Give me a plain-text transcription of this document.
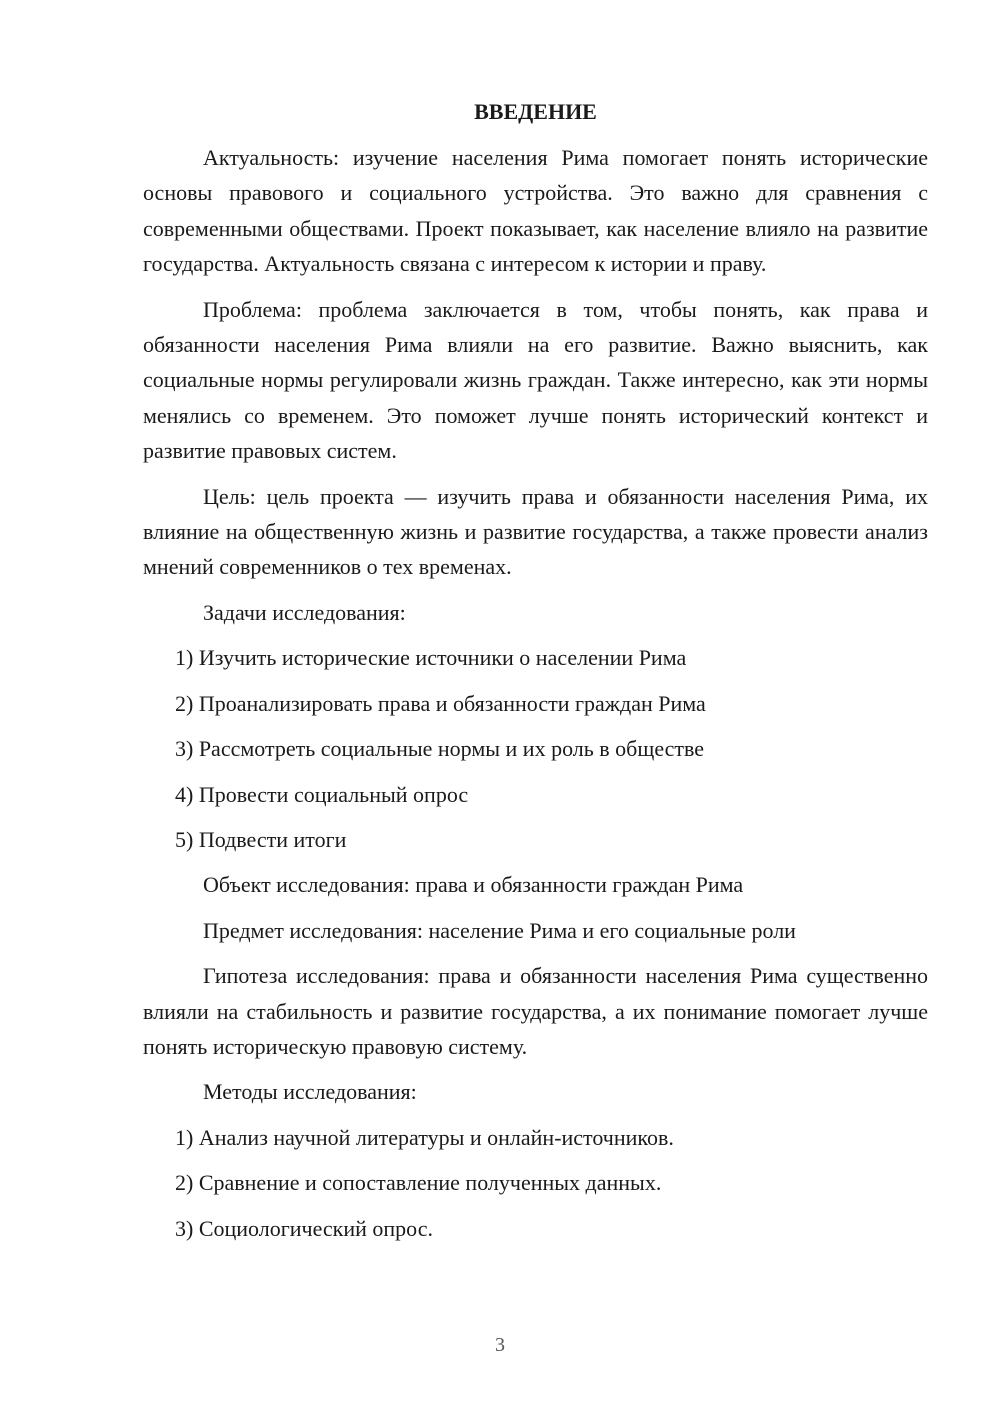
ВВЕДЕНИЕ

Актуальность: изучение населения Рима помогает понять исторические основы правового и социального устройства. Это важно для сравнения с современными обществами. Проект показывает, как население влияло на развитие государства. Актуальность связана с интересом к истории и праву.

Проблема: проблема заключается в том, чтобы понять, как права и обязанности населения Рима влияли на его развитие. Важно выяснить, как социальные нормы регулировали жизнь граждан. Также интересно, как эти нормы менялись со временем. Это поможет лучше понять исторический контекст и развитие правовых систем.

Цель: цель проекта — изучить права и обязанности населения Рима, их влияние на общественную жизнь и развитие государства, а также провести анализ мнений современников о тех временах.

Задачи исследования:

1) Изучить исторические источники о населении Рима

2) Проанализировать права и обязанности граждан Рима

3) Рассмотреть социальные нормы и их роль в обществе

4) Провести социальный опрос

5) Подвести итоги

Объект исследования: права и обязанности граждан Рима

Предмет исследования: население Рима и его социальные роли

Гипотеза исследования: права и обязанности населения Рима существенно влияли на стабильность и развитие государства, а их понимание помогает лучше понять историческую правовую систему.

Методы исследования:

1) Анализ научной литературы и онлайн-источников.

2) Сравнение и сопоставление полученных данных.

3) Социологический опрос.

3
